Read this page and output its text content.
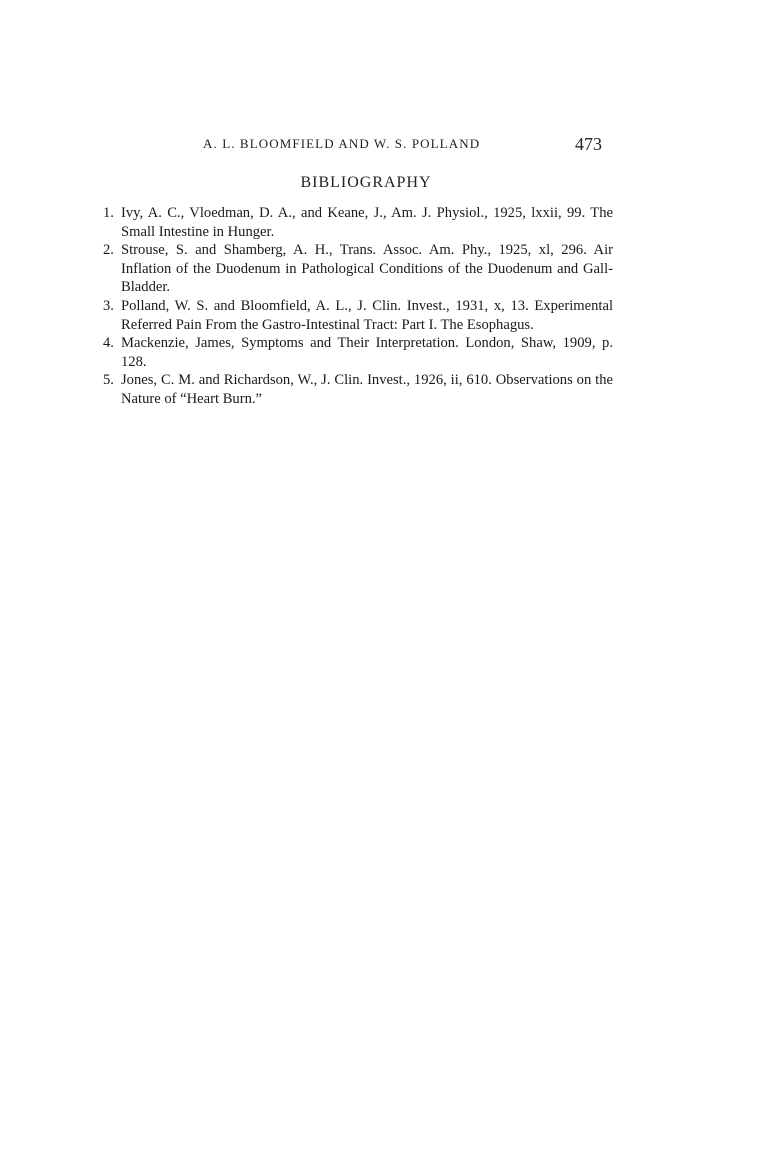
A. L. BLOOMFIELD AND W. S. POLLAND	473
BIBLIOGRAPHY
1. Ivy, A. C., Vloedman, D. A., and Keane, J., Am. J. Physiol., 1925, lxxii, 99. The Small Intestine in Hunger.
2. Strouse, S. and Shamberg, A. H., Trans. Assoc. Am. Phy., 1925, xl, 296. Air Inflation of the Duodenum in Pathological Conditions of the Duodenum and Gall-Bladder.
3. Polland, W. S. and Bloomfield, A. L., J. Clin. Invest., 1931, x, 13. Experimental Referred Pain From the Gastro-Intestinal Tract: Part I. The Esophagus.
4. Mackenzie, James, Symptoms and Their Interpretation. London, Shaw, 1909, p. 128.
5. Jones, C. M. and Richardson, W., J. Clin. Invest., 1926, ii, 610. Observations on the Nature of “Heart Burn.”
